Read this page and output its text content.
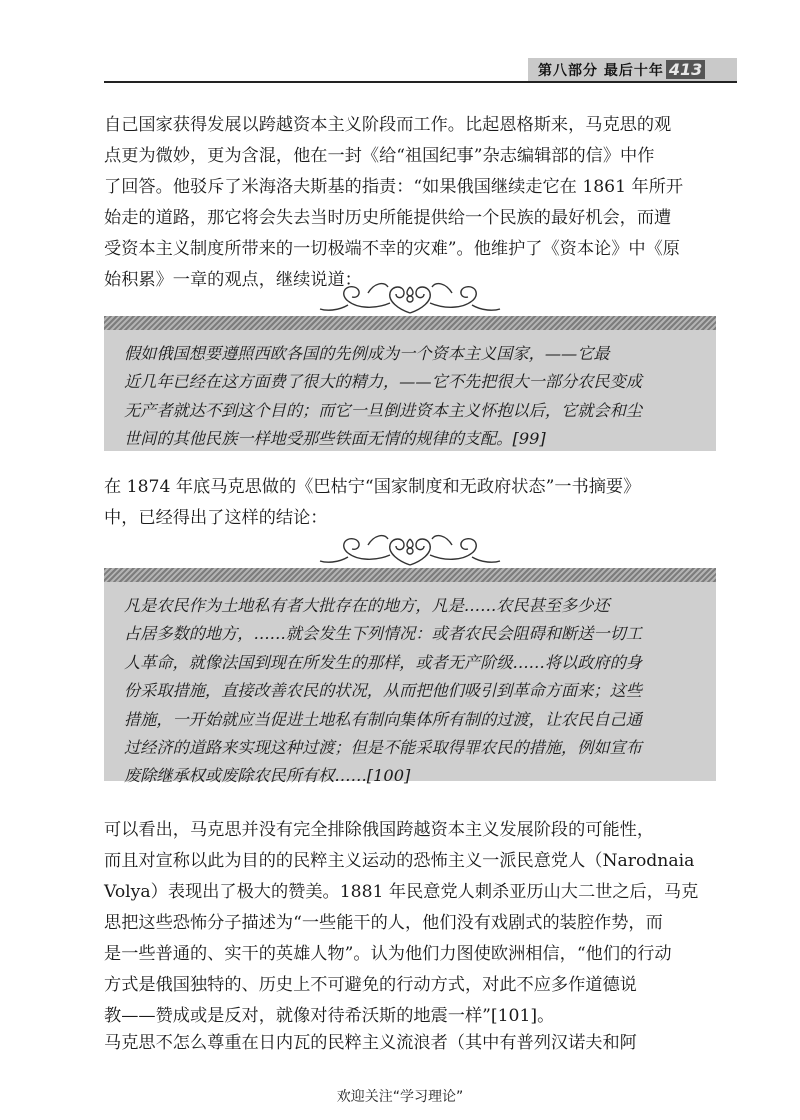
第八部分 最后十年 413

自己国家获得发展以跨越资本主义阶段而工作。比起恩格斯来，马克思的观
点更为微妙，更为含混，他在一封《给“祖国纪事”杂志编辑部的信》中作
了回答。他驳斥了米海洛夫斯基的指责：“如果俄国继续走它在 1861 年所开
始走的道路，那它将会失去当时历史所能提供给一个民族的最好机会，而遭
受资本主义制度所带来的一切极端不幸的灾难”。他维护了《资本论》中《原
始积累》一章的观点，继续说道：

假如俄国想要遵照西欧各国的先例成为一个资本主义国家，——它最
近几年已经在这方面费了很大的精力，——它不先把很大一部分农民变成
无产者就达不到这个目的；而它一旦倒进资本主义怀抱以后，它就会和尘
世间的其他民族一样地受那些铁面无情的规律的支配。[99]

在 1874 年底马克思做的《巴枯宁“国家制度和无政府状态”一书摘要》
中，已经得出了这样的结论：

凡是农民作为土地私有者大批存在的地方，凡是……农民甚至多少还
占居多数的地方，……就会发生下列情况：或者农民会阻碍和断送一切工
人革命，就像法国到现在所发生的那样，或者无产阶级……将以政府的身
份采取措施，直接改善农民的状况，从而把他们吸引到革命方面来；这些
措施，一开始就应当促进土地私有制向集体所有制的过渡，让农民自己通
过经济的道路来实现这种过渡；但是不能采取得罪农民的措施，例如宣布
废除继承权或废除农民所有权……[100]

可以看出，马克思并没有完全排除俄国跨越资本主义发展阶段的可能性，
而且对宣称以此为目的的民粹主义运动的恐怖主义一派民意党人（Narodnaia
Volya）表现出了极大的赞美。1881 年民意党人刺杀亚历山大二世之后，马克
思把这些恐怖分子描述为“一些能干的人，他们没有戏剧式的装腔作势，而
是一些普通的、实干的英雄人物”。认为他们力图使欧洲相信，“他们的行动
方式是俄国独特的、历史上不可避免的行动方式，对此不应多作道德说
教——赞成或是反对，就像对待希沃斯的地震一样”[101]。

马克思不怎么尊重在日内瓦的民粹主义流浪者（其中有普列汉诺夫和阿

欢迎关注“学习理论”
